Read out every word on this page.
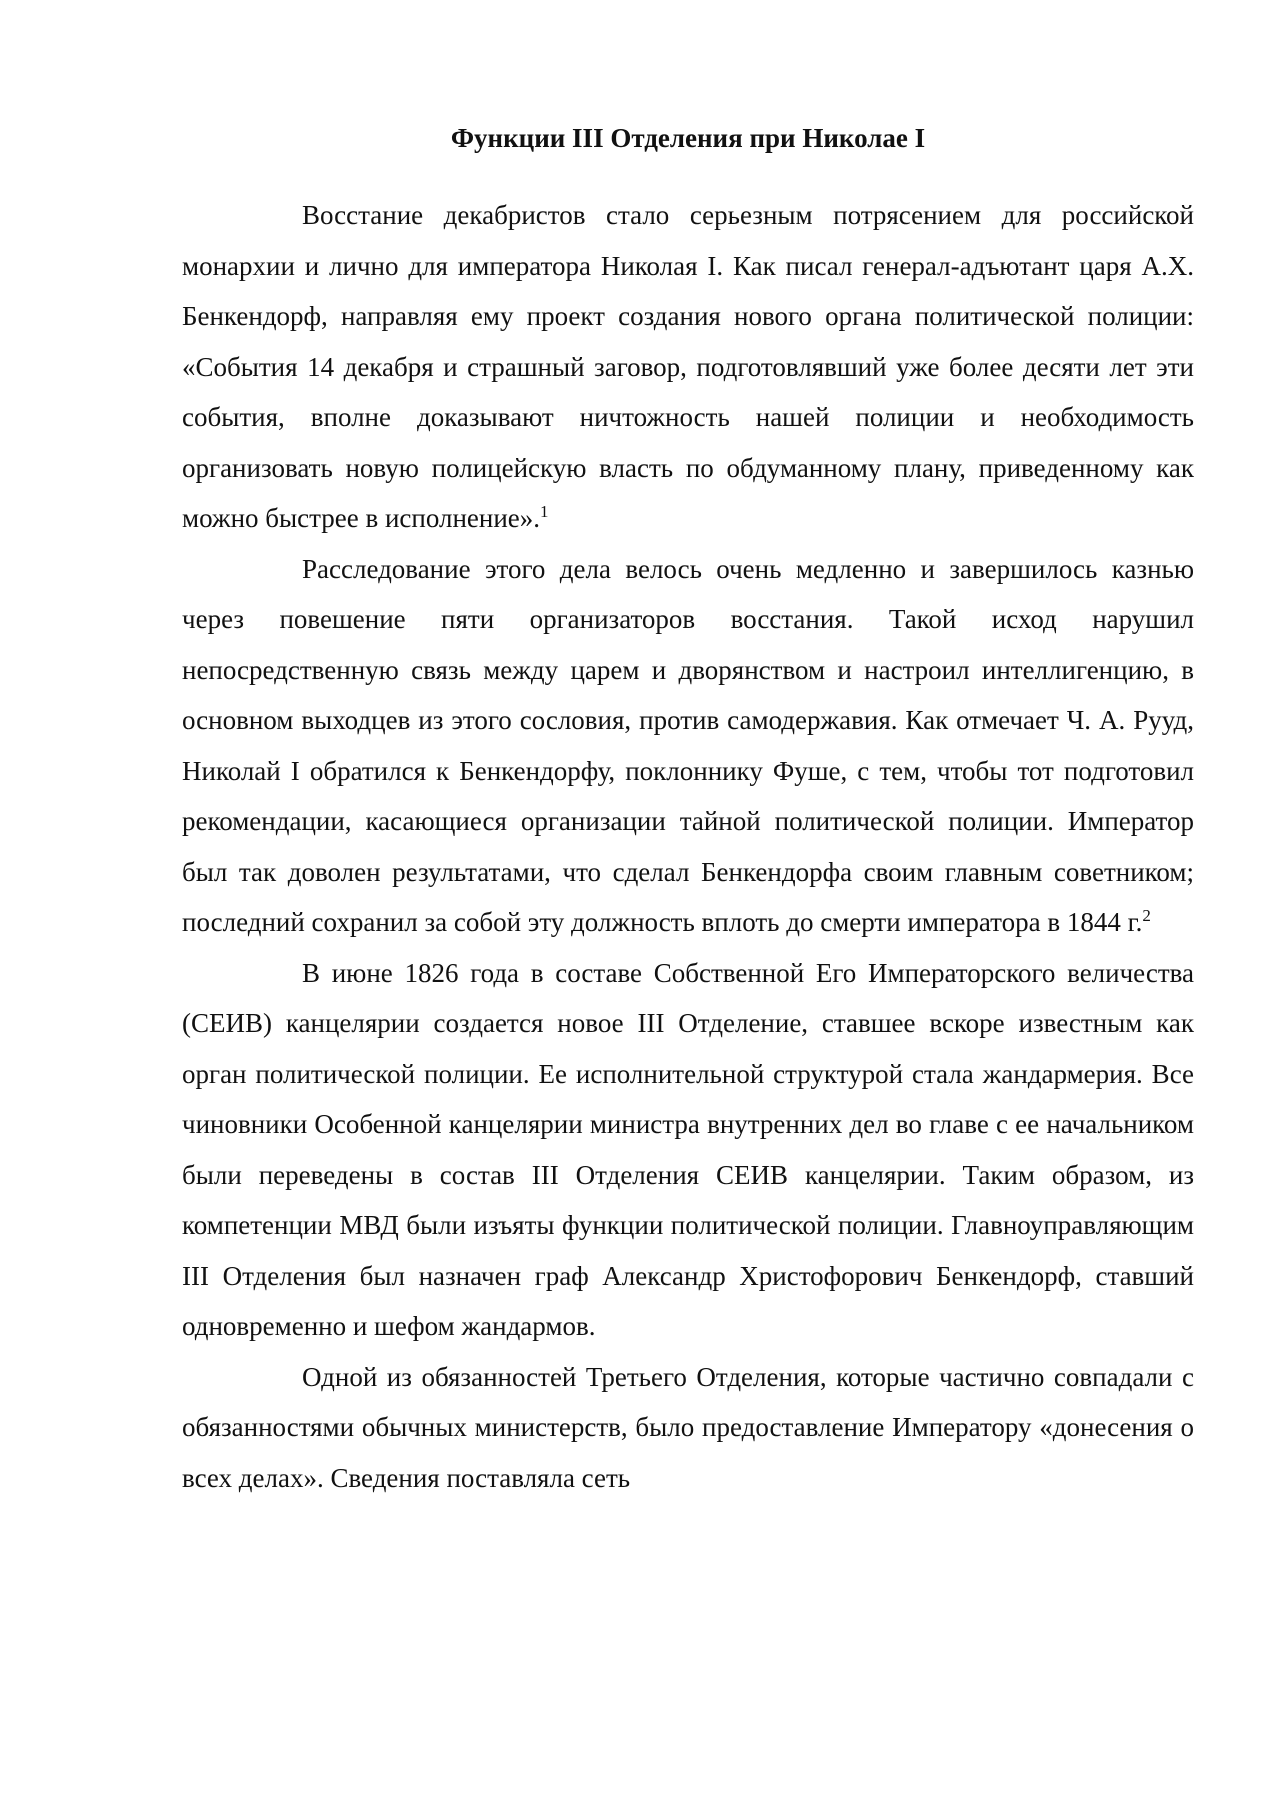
Функции III Отделения при Николае I

Восстание декабристов стало серьезным потрясением для российской монархии и лично для императора Николая I. Как писал генерал-адъютант царя А.Х. Бенкендорф, направляя ему проект создания нового органа политической полиции: «События 14 декабря и страшный заговор, подготовлявший уже более десяти лет эти события, вполне доказывают ничтожность нашей полиции и необходимость организовать новую полицейскую власть по обдуманному плану, приведенному как можно быстрее в исполнение».$^1$

Расследование этого дела велось очень медленно и завершилось казнью через повешение пяти организаторов восстания. Такой исход нарушил непосредственную связь между царем и дворянством и настроил интеллигенцию, в основном выходцев из этого сословия, против самодержавия. Как отмечает Ч. А. Рууд, Николай I обратился к Бенкендорфу, поклоннику Фуше, с тем, чтобы тот подготовил рекомендации, касающиеся организации тайной политической полиции. Император был так доволен результатами, что сделал Бенкендорфа своим главным советником; последний сохранил за собой эту должность вплоть до смерти императора в 1844 г.$^2$

В июне 1826 года в составе Собственной Его Императорского величества (СЕИВ) канцелярии создается новое III Отделение, ставшее вскоре известным как орган политической полиции. Ее исполнительной структурой стала жандармерия. Все чиновники Особенной канцелярии министра внутренних дел во главе с ее начальником были переведены в состав III Отделения СЕИВ канцелярии. Таким образом, из компетенции МВД были изъяты функции политической полиции. Главноуправляющим III Отделения был назначен граф Александр Христофорович Бенкендорф, ставший одновременно и шефом жандармов.

Одной из обязанностей Третьего Отделения, которые частично совпадали с обязанностями обычных министерств, было предоставление Императору «донесения о всех делах». Сведения поставляла сеть
